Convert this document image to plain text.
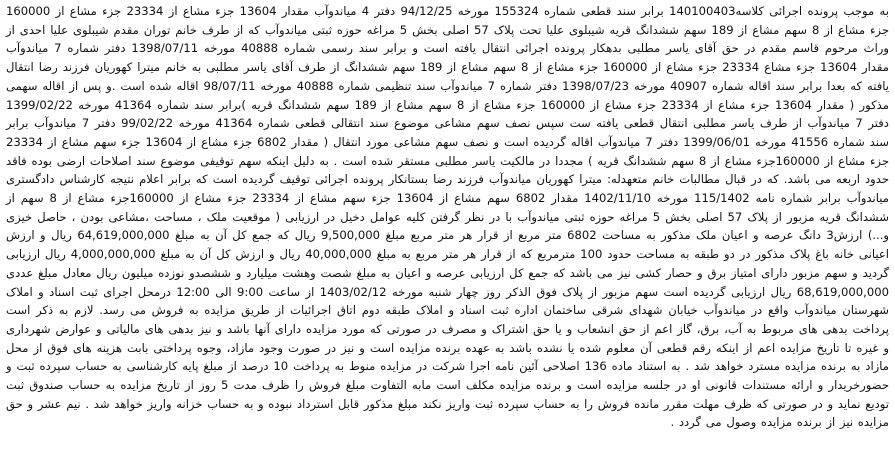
به موجب پرونده اجرائی کلاسه140100403 برابر سند قطعی شماره 155324 مورخه 94/12/25 دفتر 4 میاندوآب مقدار 13604 جزء مشاع از 23334 جزء مشاع از 160000 جزء مشاع از 8 سهم مشاع از 189 سهم ششدانگ قریه شیبلوی علیا تحت پلاک 57 اصلی بخش 5 مراغه حوزه ثبتی میاندوآب که از طرف خانم توران مقدم شیبلوی علیا احدی از وراث مرحوم قاسم مقدم در حق آقای یاسر مطلبی بدهکار پرونده اجرائی انتقال یافته است و برابر سند رسمی شماره 40888 مورخه 1398/07/11 دفتر شماره 7 میاندوآب مقدار 13604 جزء مشاع 23334 جزء مشاع از 160000 جزء مشاع از 8 سهم مشاع از 189 سهم ششدانگ از طرف آقای یاسر مطلبی به خانم میترا کهوریان فرزند رضا انتقال یافته که بعدا برابر سند اقاله شماره 40907 مورخه 1398/07/23 دفتر شماره 7 میاندوآب سند تنظیمی شماره 40888 مورخه 98/07/11 اقاله شده است .و پس از اقاله سهمی مذکور ( مقدار 13604 جزء مشاع از 23334 جزء مشاع از 160000 جزء مشاع از 8 سهم مشاع از 189 سهم ششدانگ قریه )برابر سند شماره 41364 مورخه 1399/02/22 دفتر 7 میاندوآب از طرف یاسر مطلبی انتقال قطعی یافته ست سپس نصف سهم مشاعی موضوع سند انتقالی قطعی شماره 41364 مورخه 99/02/22 دفتر 7 میاندوآب برابر سند شماره 41556 مورخه 1399/06/01 دفتر 7 میاندوآب اقاله گردیده است و نصف سهم مشاعی مورد انتقال ( مقدار 6802 جزء مشاع از 13604 جزء سهم مشاع از 23334 جزء مشاع از 160000جزء مشاع از 8 سهم ششدانگ قریه ) مجددا در مالکیت یاسر مطلبی مستقر شده است . به دلیل اینکه سهم توقیفی موضوع سند اصلاحات ارضی بوده فاقد حدود اربعه می باشد. که در قبال مطالبات خانم متعهدله: میترا کهوریان میاندوآب فرزند رضا بستانکار پرونده اجرائی توقیف گردیده است که برابر اعلام نتیجه کارشناس دادگستری میاندوآب برابر شماره نامه 115/1402 مورخه 1402/11/10 مقدار 6802 سهم مشاع از 13604 جزء سهم مشاع از 23334 جزء مشاع از 160000جزء مشاع از 8 سهم از ششدانگ قریه مزبور از پلاک 57 اصلی بخش 5 مراغه حوزه ثبتی میاندوآب با در نظر گرفتن کلیه عوامل دخیل در ارزیابی ( موقعیت ملک ، مساحت ،مشاعی بودن ، حاصل خیزی و...) ارزش3 دانگ عرصه و اعیان ملک مذکور به مساحت 6802 متر مربع از قرار هر متر مربع مبلغ 9,500,000 ریال که جمع کل آن به مبلغ 64,619,000,000 ریال و ارزش اعیانی خانه باغ پلاک مذکور در دو طبقه به مساحت حدود 100 مترمربع که از قرار هر متر مربع به مبلغ 40,000,000 ریال و ارزش کل آن به مبلغ 4,000,000,000 ریال ارزیابی گردید و سهم مزبور دارای امتیاز برق و حصار کشی نیز می باشد که جمع کل ارزیابی عرصه و اعیان به مبلغ شصت وهشت میلیارد و ششصدو نوزده میلیون ریال معادل مبلغ عددی 68,619,000,000 ریال ارزیابی گردیده است سهم مزبور از پلاک فوق الذکر روز چهار شنبه مورخه 1403/02/12 از ساعت 9:00 الی 12:00 درمحل اجرای ثبت اسناد و املاک شهرستان میاندوآب واقع در میاندوآب خیابان شهدای شرقی ساختمان اداره ثبت اسناد و املاک طبقه دوم اتاق اجرائیات از طریق مزایده به فروش می رسد. لازم به ذکر است پرداخت بدهی های مربوط به آب، برق، گاز اعم از حق انشعاب و یا حق اشتراک و مصرف در صورتی که مورد مزایده دارای آنها باشد و نیز بدهی های مالیاتی و عوارض شهرداری و غیره تا تاریخ مزایده اعم از اینکه رقم قطعی آن معلوم شده یا نشده باشد به عهده برنده مزایده است و نیز در صورت وجود مازاد، وجوه پرداختی بابت هزینه های فوق از محل مازاد به برنده مزایده مسترد خواهد شد . به استناد ماده 136 اصلاحی آئین نامه اجرا شرکت در مزایده منوط به پرداخت 10 درصد از مبلغ پایه کارشناسی به حساب سپرده ثبت و حضورخریدار و ارائه مستندات قانونی او در جلسه مزایده است و برنده مزایده مکلف است مابه التفاوت مبلغ فروش را ظرف مدت 5 روز از تاریخ مزایده به حساب صندوق ثبت تودیع نماید و در صورتی که ظرف مهلت مقرر مانده فروش را به حساب سپرده ثبت واریز نکند مبلغ مذکور قابل استرداد نبوده و به حساب خزانه واریز خواهد شد . نیم عشر و حق مزایده نیز از برنده مزایده وصول می گردد .
